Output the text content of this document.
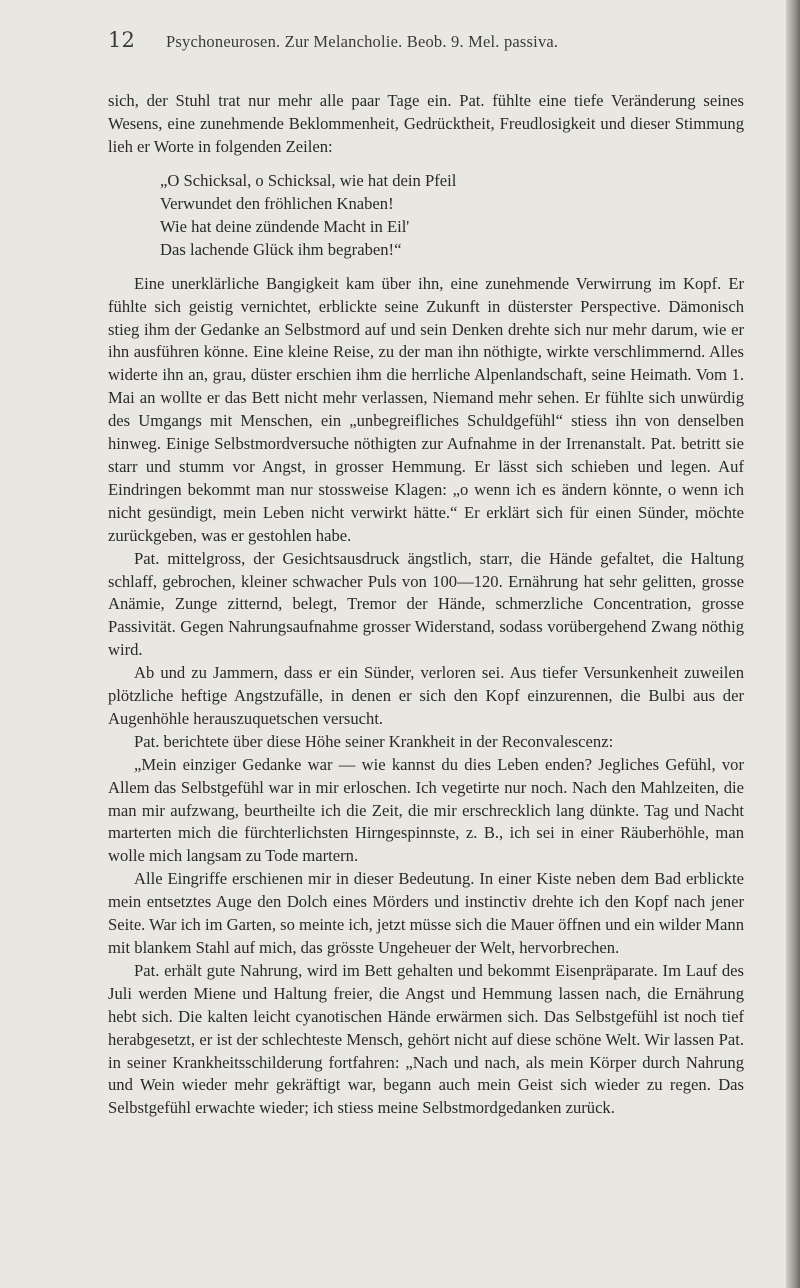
12	Psychoneurosen. Zur Melancholie. Beob. 9. Mel. passiva.

sich, der Stuhl trat nur mehr alle paar Tage ein. Pat. fühlte eine tiefe Veränderung seines Wesens, eine zunehmende Beklommenheit, Gedrücktheit, Freudlosigkeit und dieser Stimmung lieh er Worte in folgenden Zeilen:

„O Schicksal, o Schicksal, wie hat dein Pfeil
Verwundet den fröhlichen Knaben!
Wie hat deine zündende Macht in Eil'
Das lachende Glück ihm begraben!“

Eine unerklärliche Bangigkeit kam über ihn, eine zunehmende Verwirrung im Kopf. Er fühlte sich geistig vernichtet, erblickte seine Zukunft in düsterster Perspective. Dämonisch stieg ihm der Gedanke an Selbstmord auf und sein Denken drehte sich nur mehr darum, wie er ihn ausführen könne. Eine kleine Reise, zu der man ihn nöthigte, wirkte verschlimmernd. Alles widerte ihn an, grau, düster erschien ihm die herrliche Alpenlandschaft, seine Heimath. Vom 1. Mai an wollte er das Bett nicht mehr verlassen, Niemand mehr sehen. Er fühlte sich unwürdig des Umgangs mit Menschen, ein „unbegreifliches Schuldgefühl“ stiess ihn von denselben hinweg. Einige Selbstmordversuche nöthigten zur Aufnahme in der Irrenanstalt. Pat. betritt sie starr und stumm vor Angst, in grosser Hemmung. Er lässt sich schieben und legen. Auf Eindringen bekommt man nur stossweise Klagen: „o wenn ich es ändern könnte, o wenn ich nicht gesündigt, mein Leben nicht verwirkt hätte.“ Er erklärt sich für einen Sünder, möchte zurückgeben, was er gestohlen habe.

Pat. mittelgross, der Gesichtsausdruck ängstlich, starr, die Hände gefaltet, die Haltung schlaff, gebrochen, kleiner schwacher Puls von 100—120. Ernährung hat sehr gelitten, grosse Anämie, Zunge zitternd, belegt, Tremor der Hände, schmerzliche Concentration, grosse Passivität. Gegen Nahrungsaufnahme grosser Widerstand, sodass vorübergehend Zwang nöthig wird.

Ab und zu Jammern, dass er ein Sünder, verloren sei. Aus tiefer Versunkenheit zuweilen plötzliche heftige Angstzufälle, in denen er sich den Kopf einzurennen, die Bulbi aus der Augenhöhle herauszuquetschen versucht.

Pat. berichtete über diese Höhe seiner Krankheit in der Reconvalescenz:

„Mein einziger Gedanke war — wie kannst du dies Leben enden? Jegliches Gefühl, vor Allem das Selbstgefühl war in mir erloschen. Ich vegetirte nur noch. Nach den Mahlzeiten, die man mir aufzwang, beurtheilte ich die Zeit, die mir erschrecklich lang dünkte. Tag und Nacht marterten mich die fürchterlichsten Hirngespinnste, z. B., ich sei in einer Räuberhöhle, man wolle mich langsam zu Tode martern.

Alle Eingriffe erschienen mir in dieser Bedeutung. In einer Kiste neben dem Bad erblickte mein entsetztes Auge den Dolch eines Mörders und instinctiv drehte ich den Kopf nach jener Seite. War ich im Garten, so meinte ich, jetzt müsse sich die Mauer öffnen und ein wilder Mann mit blankem Stahl auf mich, das grösste Ungeheuer der Welt, hervorbrechen.

Pat. erhält gute Nahrung, wird im Bett gehalten und bekommt Eisenpräparate. Im Lauf des Juli werden Miene und Haltung freier, die Angst und Hemmung lassen nach, die Ernährung hebt sich. Die kalten leicht cyanotischen Hände erwärmen sich. Das Selbstgefühl ist noch tief herabgesetzt, er ist der schlechteste Mensch, gehört nicht auf diese schöne Welt. Wir lassen Pat. in seiner Krankheitsschilderung fortfahren: „Nach und nach, als mein Körper durch Nahrung und Wein wieder mehr gekräftigt war, begann auch mein Geist sich wieder zu regen. Das Selbstgefühl erwachte wieder; ich stiess meine Selbstmordgedanken zurück.
